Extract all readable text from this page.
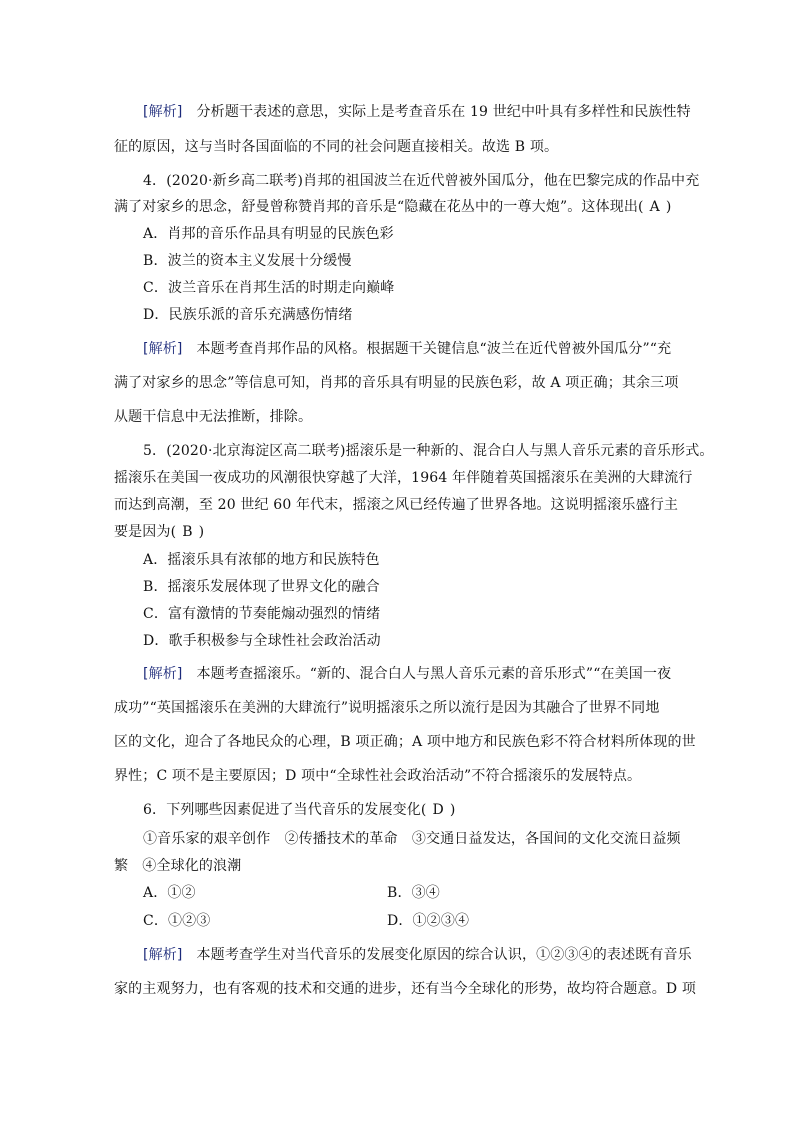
[解析] 分析题干表述的意思，实际上是考查音乐在 19 世纪中叶具有多样性和民族性特
征的原因，这与当时各国面临的不同的社会问题直接相关。故选 B 项。
4．(2020·新乡高二联考)肖邦的祖国波兰在近代曾被外国瓜分，他在巴黎完成的作品中充
满了对家乡的思念，舒曼曾称赞肖邦的音乐是“隐藏在花丛中的一尊大炮”。这体现出( A )
A．肖邦的音乐作品具有明显的民族色彩
B．波兰的资本主义发展十分缓慢
C．波兰音乐在肖邦生活的时期走向巅峰
D．民族乐派的音乐充满感伤情绪
[解析] 本题考查肖邦作品的风格。根据题干关键信息“波兰在近代曾被外国瓜分”“充
满了对家乡的思念”等信息可知，肖邦的音乐具有明显的民族色彩，故 A 项正确；其余三项
从题干信息中无法推断，排除。
5．(2020·北京海淀区高二联考)摇滚乐是一种新的、混合白人与黑人音乐元素的音乐形式。
摇滚乐在美国一夜成功的风潮很快穿越了大洋，1964 年伴随着英国摇滚乐在美洲的大肆流行
而达到高潮，至 20 世纪 60 年代末，摇滚之风已经传遍了世界各地。这说明摇滚乐盛行主
要是因为( B )
A．摇滚乐具有浓郁的地方和民族特色
B．摇滚乐发展体现了世界文化的融合
C．富有激情的节奏能煽动强烈的情绪
D．歌手积极参与全球性社会政治活动
[解析] 本题考查摇滚乐。“新的、混合白人与黑人音乐元素的音乐形式”“在美国一夜
成功”“英国摇滚乐在美洲的大肆流行”说明摇滚乐之所以流行是因为其融合了世界不同地
区的文化，迎合了各地民众的心理，B 项正确；A 项中地方和民族色彩不符合材料所体现的世
界性；C 项不是主要原因；D 项中“全球性社会政治活动”不符合摇滚乐的发展特点。
6．下列哪些因素促进了当代音乐的发展变化( D )
①音乐家的艰辛创作　②传播技术的革命　③交通日益发达，各国间的文化交流日益频
繁　④全球化的浪潮
A．①②	B．③④
C．①②③	D．①②③④
[解析] 本题考查学生对当代音乐的发展变化原因的综合认识，①②③④的表述既有音乐
家的主观努力，也有客观的技术和交通的进步，还有当今全球化的形势，故均符合题意。D 项
